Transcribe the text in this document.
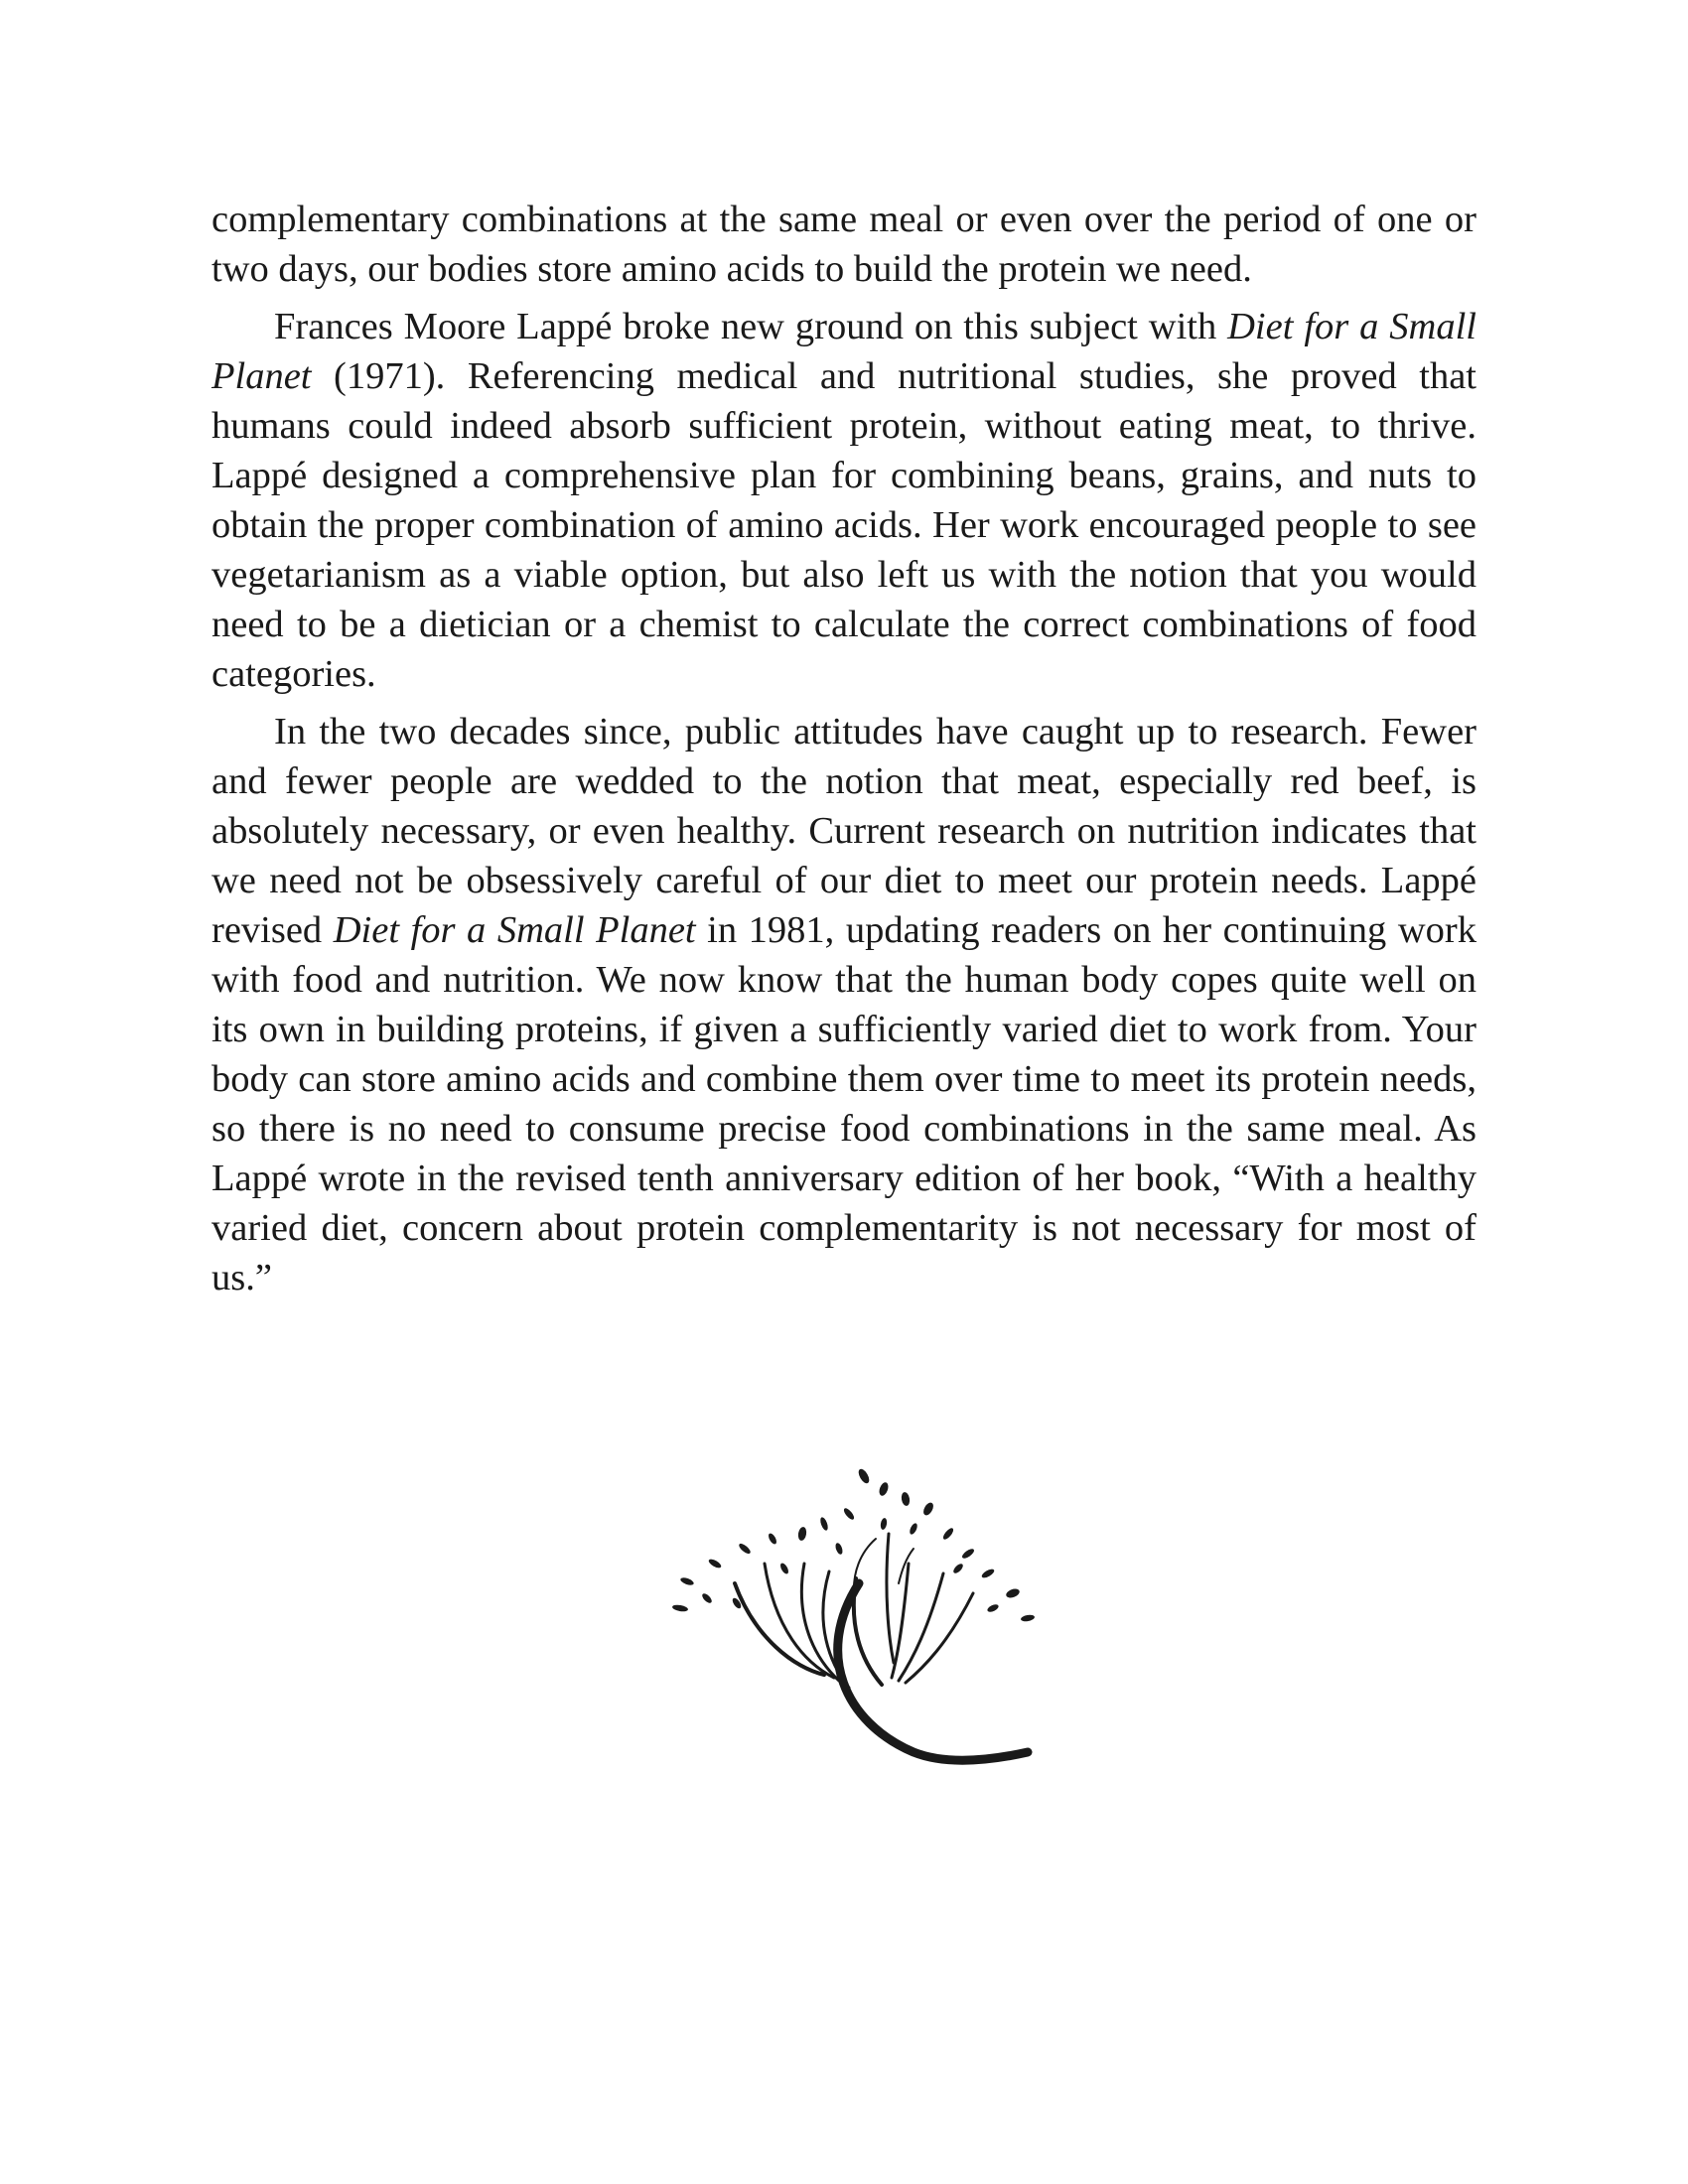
complementary combinations at the same meal or even over the period of one or two days, our bodies store amino acids to build the protein we need.

Frances Moore Lappé broke new ground on this subject with Diet for a Small Planet (1971). Referencing medical and nutritional studies, she proved that humans could indeed absorb sufficient protein, without eating meat, to thrive. Lappé designed a comprehensive plan for combining beans, grains, and nuts to obtain the proper combination of amino acids. Her work encouraged people to see vegetarianism as a viable option, but also left us with the notion that you would need to be a dietician or a chemist to calculate the correct combinations of food categories.

In the two decades since, public attitudes have caught up to research. Fewer and fewer people are wedded to the notion that meat, especially red beef, is absolutely necessary, or even healthy. Current research on nutrition indicates that we need not be obsessively careful of our diet to meet our protein needs. Lappé revised Diet for a Small Planet in 1981, updating readers on her continuing work with food and nutrition. We now know that the human body copes quite well on its own in building proteins, if given a sufficiently varied diet to work from. Your body can store amino acids and combine them over time to meet its protein needs, so there is no need to consume precise food combinations in the same meal. As Lappé wrote in the revised tenth anniversary edition of her book, “With a healthy varied diet, concern about protein complementarity is not necessary for most of us.”
